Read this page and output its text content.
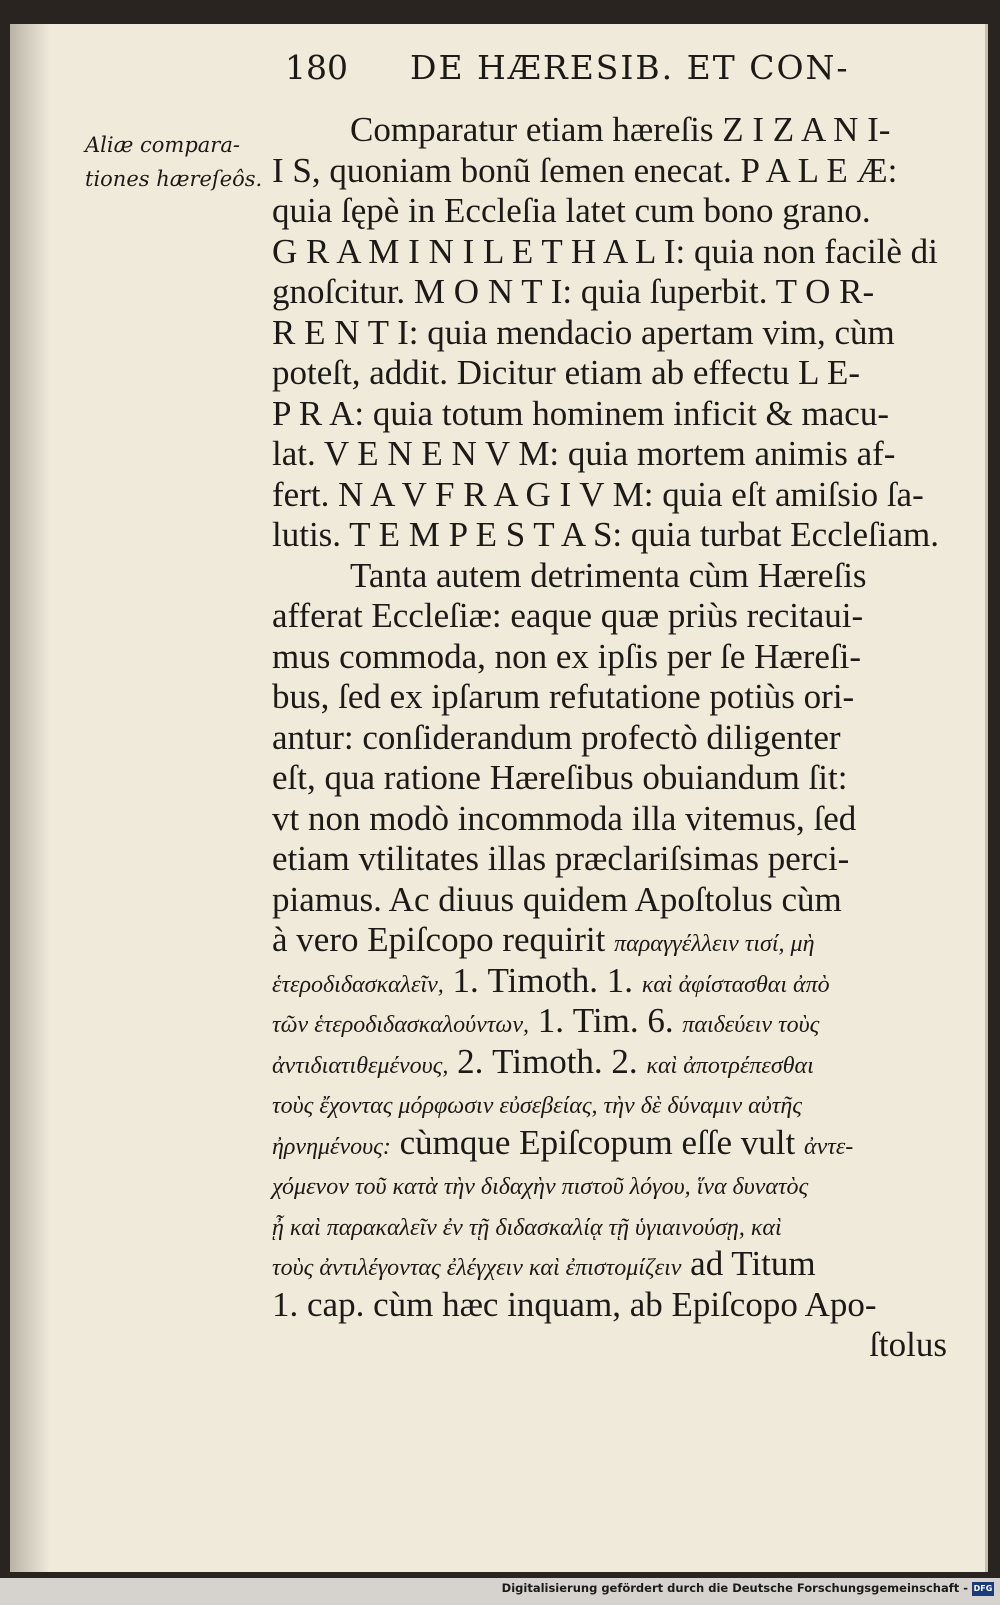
180 DE HÆRESIB. ET CON-
Aliæ compara-
tiones hæreſeôs.
Comparatur etiam hæreſis Z I Z A N I-
I S, quoniam bonũ ſemen enecat. P A L E Æ:
quia ſępè in Eccleſia latet cum bono grano.
G R A M I N I L E T H A L I: quia non facilè di
gnoſcitur. M O N T I: quia ſuperbit. T O R-
R E N T I: quia mendacio apertam vim, cùm
poteſt, addit. Dicitur etiam ab effectu L E-
P R A: quia totum hominem inficit & macu-
lat. V E N E N V M: quia mortem animis af-
fert. N A V F R A G I V M: quia eſt amiſsio ſa-
lutis. T E M P E S T A S: quia turbat Eccleſiam.
Tanta autem detrimenta cùm Hæreſis
afferat Eccleſiæ: eaque quæ priùs recitaui-
mus commoda, non ex ipſis per ſe Hæreſi-
bus, ſed ex ipſarum refutatione potiùs ori-
antur: conſiderandum profectò diligenter
eſt, qua ratione Hæreſibus obuiandum ſit:
vt non modò incommoda illa vitemus, ſed
etiam vtilitates illas præclariſsimas perci-
piamus. Ac diuus quidem Apoſtolus cùm
à vero Epiſcopo requirit παραγγέλλειν τισί, μὴ
ἑτεροδιδασκαλεῖν, 1. Timoth. 1. καὶ ἀφίστασθαι ἀπὸ
τῶν ἑτεροδιδασκαλούντων, 1. Tim. 6. παιδεύειν τοὺς
ἀντιδιατιθεμένους, 2. Timoth. 2. καὶ ἀποτρέπεσθαι
τοὺς ἔχοντας μόρφωσιν εὐσεβείας, τὴν δὲ δύναμιν αὐτῆς
ἠρνημένους: cùmque Epiſcopum eſſe vult ἀντε-
χόμενον τοῦ κατὰ τὴν διδαχὴν πιστοῦ λόγου, ἵνα δυνατὸς
ᾖ καὶ παρακαλεῖν ἐν τῇ διδασκαλίᾳ τῇ ὑγιαινούσῃ, καὶ
τοὺς ἀντιλέγοντας ἐλέγχειν καὶ ἐπιστομίζειν ad Titum
1. cap. cùm hæc inquam, ab Epiſcopo Apo-
ſtolus
Digitalisierung gefördert durch die Deutsche Forschungsgemeinschaft - DFG
